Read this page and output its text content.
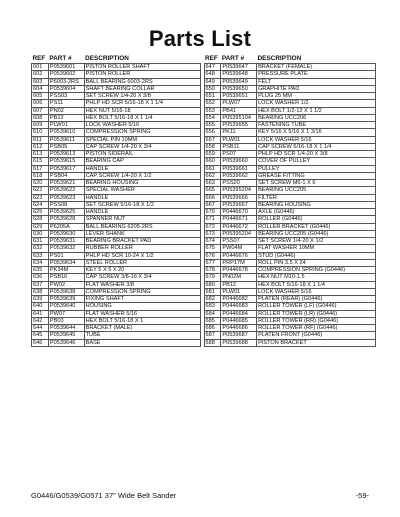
Parts List
REF	PART #	DESCRIPTION
601	P0539601	PISTON ROLLER SHAFT
602	P0539602	PISTON ROLLER
603	P6003-2RS	BALL BEARING 6003-2RS
604	P0539604	SHAFT BEARING COLLAR
605	PSS03	SET SCREW 1/4-20 X 3/8
606	PS11	PHLP HD SCR 5/16-18 X 1 1/4
607	PN02	HEX NUT 5/16-18
608	PB12	HEX BOLT 5/16-18 X 1 1/4
609	PLW01	LOCK WASHER 5/16
610	P0539610	COMPRESSION SPRING
611	P0539611	SPECIAL PIN 10MM
612	PSB05	CAP SCREW 1/4-20 X 3/4
613	P0539613	PISTON SIDERAIL
615	P0539615	BEARING CAP
617	P0539617	HANDLE
618	PSB04	CAP SCREW 1/4-20 X 1/2
620	P0539621	BEARING HOUSING
622	P0539622	SPECIAL WASHER
623	P0539623	HANDLE
624	PSS08	SET SCREW 5/16-18 X 1/2
625	P0539625	HANDLE
628	P0539628	SPANNER NUT
629	P6205A	BALL BEARING 6205-2RS
630	P0539630	LEVER SHANK
631	P0539631	BEARING BRACKET PAD
632	P0539632	RUBBER ROLLER
633	PS01	PHLP HD SCR 10-24 X 1/2
634	P0539634	STEEL ROLLER
635	PK34M	KEY 5 X 5 X 20
636	PSB16	CAP SCREW 3/8-16 X 3/4
637	PW02	FLAT WASHER 3/8
638	P0539638	COMPRESSION SPRING
639	P0539639	FIXING SHAFT
640	P0539640	HOUSING
641	PW07	FLAT WASHER 5/16
642	PB03	HEX BOLT 5/16-18 X 1
644	P0539644	BRACKET (MALE)
645	P0539645	TUBE
646	P0539646	BASE
REF	PART #	DESCRIPTION
647	P0539647	BRACKET (FEMALE)
648	P0539648	PRESSURE PLATE
649	P0539649	FELT
650	P0539650	GRAPHITE PAD
651	P0539651	PLUG 25 MM
652	PLW07	LOCK WASHER 1/2
653	PB41	HEX BOLT 1/2-12 X 1 1/2
654	P05395104	BEARING UCC206
655	P0539655	FASTENING TUBE
656	PK11	KEY 5/16 X 5/16 X 1 3/16
657	PLW01	LOCK WASHER 5/16
658	PSB11	CAP SCREW 5/16-18 X 1 1/4
659	PS07	PHLP HD SCR 1/4-20 X 3/8
660	P0539660	COVER OF PULLEY
661	P0539661	PULLEY
662	P0539662	GREASE FITTING
663	PSS20	SET SCREW M6-1 X 6
665	P05395204	BEARING UCC205
666	P0539666	FILTER
667	P0539667	BEARING HOUSING
670	P0446670	AXLE (G0446)
671	P0446671	ROLLER (G0446)
672	P0446672	ROLLER BRACKET (G0446)
673	P05395204	BEARING UCC205 (G0446)
674	PSS07	SET SCREW 1/4-20 X 1/2
675	PW04M	FLAT WASHER 10MM
676	P0446676	STUD (G0446)
677	PRP17M	ROLL PIN 3.5 X 24
678	P0446678	COMPRESSION SPRING (G0446)
679	PN02M	HEX NUT M10-1.5
680	PB12	HEX BOLT 5/16-18 X 1 1/4
681	PLW01	LOCK WASHER 5/16
682	P0446682	PLATEN (REAR) (G0446)
683	P0446683	ROLLER TOWER (LF) (G0446)
684	P0446684	ROLLER TOWER (LR) (G0446)
685	P0446685	ROLLER TOWER (RR) (G0446)
686	P0446686	ROLLER TOWER (RF) (G0446)
687	P0539687	PLATEN FRONT (G0446)
688	P0539688	PISTON BRACKET
G0446/G0539/G0571 37" Wide Belt Sander	-59-
